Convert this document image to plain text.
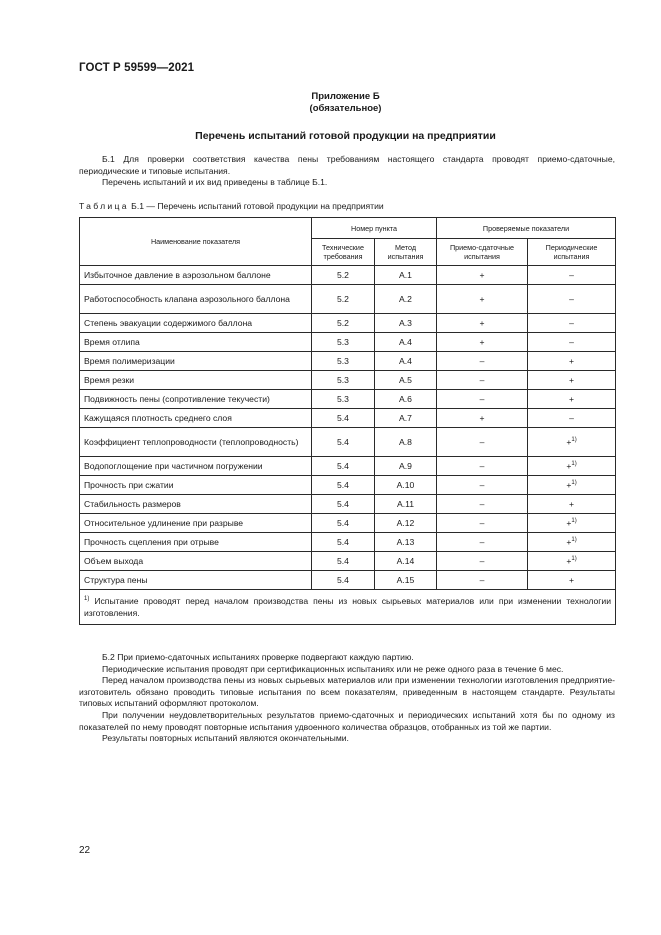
ГОСТ Р 59599—2021
Приложение Б
(обязательное)
Перечень испытаний готовой продукции на предприятии

Б.1 Для проверки соответствия качества пены требованиям настоящего стандарта проводят приемо-сдаточные, периодические и типовые испытания.

Перечень испытаний и их вид приведены в таблице Б.1.

Таблица Б.1 — Перечень испытаний готовой продукции на предприятии
Наименование показателя	Номер пункта		Проверяемые показатели	
	Технические требования	Метод испытания	Приемо-сдаточные испытания	Периодические испытания
Избыточное давление в аэрозольном баллоне	5.2	А.1	+	–
Работоспособность клапана аэрозольного баллона	5.2	А.2	+	–
Степень эвакуации содержимого баллона	5.2	А.3	+	–
Время отлипа	5.3	А.4	+	–
Время полимеризации	5.3	А.4	–	+
Время резки	5.3	А.5	–	+
Подвижность пены (сопротивление текучести)	5.3	А.6	–	+
Кажущаяся плотность среднего слоя	5.4	А.7	+	–
Коэффициент теплопроводности (теплопроводность)	5.4	А.8	–	+$^{1)}$
Водопоглощение при частичном погружении	5.4	А.9	–	+$^{1)}$
Прочность при сжатии	5.4	А.10	–	+$^{1)}$
Стабильность размеров	5.4	А.11	–	+
Относительное удлинение при разрыве	5.4	А.12	–	+$^{1)}$
Прочность сцепления при отрыве	5.4	А.13	–	+$^{1)}$
Объем выхода	5.4	А.14	–	+$^{1)}$
Структура пены	5.4	А.15	–	+
$^{1)}$ Испытание проводят перед началом производства пены из новых сырьевых материалов или при изменении технологии изготовления.				

Б.2 При приемо-сдаточных испытаниях проверке подвергают каждую партию.

Периодические испытания проводят при сертификационных испытаниях или не реже одного раза в течение 6 мес.

Перед началом производства пены из новых сырьевых материалов или при изменении технологии изготовления предприятие-изготовитель обязано проводить типовые испытания по всем показателям, приведенным в настоящем стандарте. Результаты типовых испытаний оформляют протоколом.

При получении неудовлетворительных результатов приемо-сдаточных и периодических испытаний хотя бы по одному из показателей по нему проводят повторные испытания удвоенного количества образцов, отобранных из той же партии.

Результаты повторных испытаний являются окончательными.

22
